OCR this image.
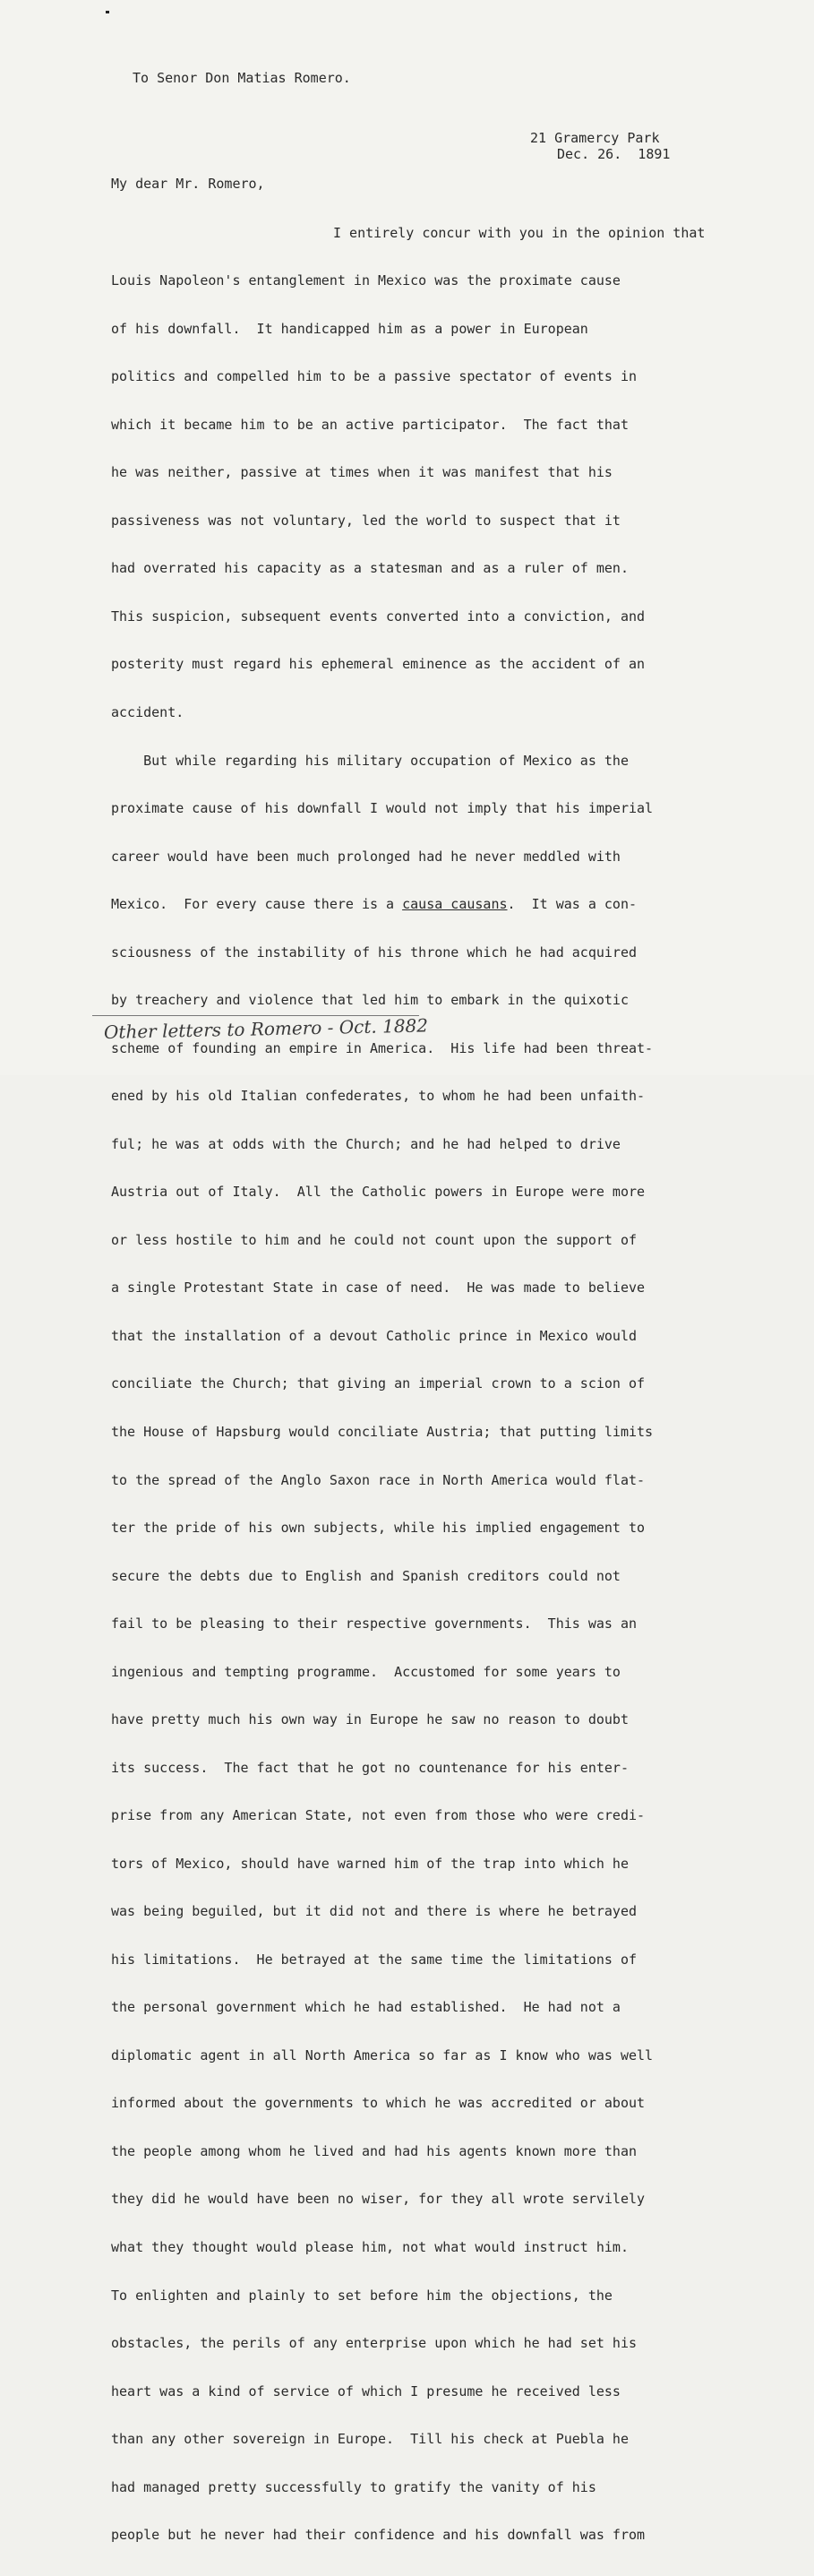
To Senor Don Matias Romero.
21 Gramercy Park
Dec. 26.  1891
My dear Mr. Romero,

I entirely concur with you in the opinion that

Louis Napoleon's entanglement in Mexico was the proximate cause

of his downfall.  It handicapped him as a power in European

politics and compelled him to be a passive spectator of events in

which it became him to be an active participator.  The fact that

he was neither, passive at times when it was manifest that his

passiveness was not voluntary, led the world to suspect that it

had overrated his capacity as a statesman and as a ruler of men.

This suspicion, subsequent events converted into a conviction, and

posterity must regard his ephemeral eminence as the accident of an

accident.

But while regarding his military occupation of Mexico as the

proximate cause of his downfall I would not imply that his imperial

career would have been much prolonged had he never meddled with

Mexico.  For every cause there is a causa causans.  It was a con-

sciousness of the instability of his throne which he had acquired

by treachery and violence that led him to embark in the quixotic

scheme of founding an empire in America.  His life had been threat-

ened by his old Italian confederates, to whom he had been unfaith-

ful; he was at odds with the Church; and he had helped to drive

Austria out of Italy.  All the Catholic powers in Europe were more

or less hostile to him and he could not count upon the support of

a single Protestant State in case of need.  He was made to believe

that the installation of a devout Catholic prince in Mexico would

conciliate the Church; that giving an imperial crown to a scion of

the House of Hapsburg would conciliate Austria; that putting limits

to the spread of the Anglo Saxon race in North America would flat-

ter the pride of his own subjects, while his implied engagement to

secure the debts due to English and Spanish creditors could not

fail to be pleasing to their respective governments.  This was an

ingenious and tempting programme.  Accustomed for some years to

have pretty much his own way in Europe he saw no reason to doubt

its success.  The fact that he got no countenance for his enter-

prise from any American State, not even from those who were credi-

tors of Mexico, should have warned him of the trap into which he

was being beguiled, but it did not and there is where he betrayed

his limitations.  He betrayed at the same time the limitations of

the personal government which he had established.  He had not a

diplomatic agent in all North America so far as I know who was well

informed about the governments to which he was accredited or about

the people among whom he lived and had his agents known more than

they did he would have been no wiser, for they all wrote servilely

what they thought would please him, not what would instruct him.

To enlighten and plainly to set before him the objections, the

obstacles, the perils of any enterprise upon which he had set his

heart was a kind of service of which I presume he received less

than any other sovereign in Europe.  Till his check at Puebla he

had managed pretty successfully to gratify the vanity of his

people but he never had their confidence and his downfall was from

Other letters to Romero - Oct. 1882
